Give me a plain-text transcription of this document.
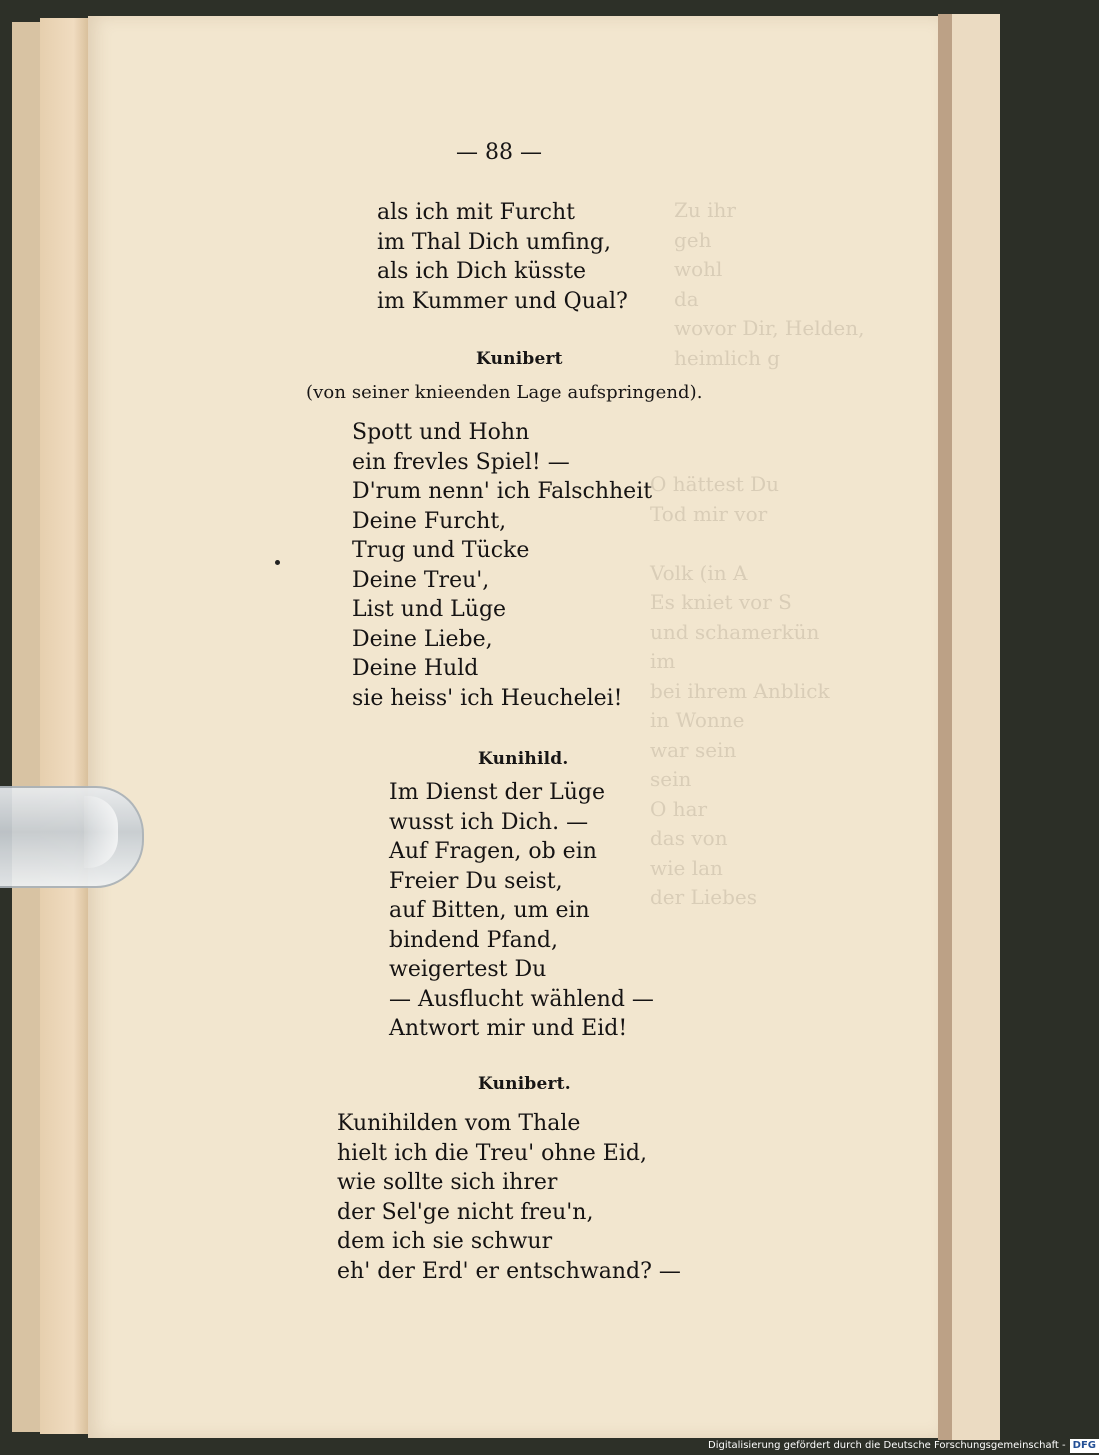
Zu ihr
geh
wohl
da
wovor Dir, Helden,
heimlich g
O hättest Du
Tod mir vor

Volk (in A
Es kniet vor S
und schamerkün
im
bei ihrem Anblick
in Wonne
war sein
sein
O har
das von
wie lan
der Liebes
— 88 —
als ich mit Furcht
im Thal Dich umfing,
als ich Dich küsste
im Kummer und Qual?
Kunibert
(von seiner knieenden Lage aufspringend).
Spott und Hohn
ein frevles Spiel! —
D'rum nenn' ich Falschheit
Deine Furcht,
Trug und Tücke
Deine Treu',
List und Lüge
Deine Liebe,
Deine Huld
sie heiss' ich Heuchelei!
Kunihild.
Im Dienst der Lüge
wusst ich Dich. —
Auf Fragen, ob ein
Freier Du seist,
auf Bitten, um ein
bindend Pfand,
weigertest Du
— Ausflucht wählend —
Antwort mir und Eid!
Kunibert.
Kunihilden vom Thale
hielt ich die Treu' ohne Eid,
wie sollte sich ihrer
der Sel'ge nicht freu'n,
dem ich sie schwur
eh' der Erd' er entschwand? —
Digitalisierung gefördert durch die Deutsche Forschungsgemeinschaft - DFG
